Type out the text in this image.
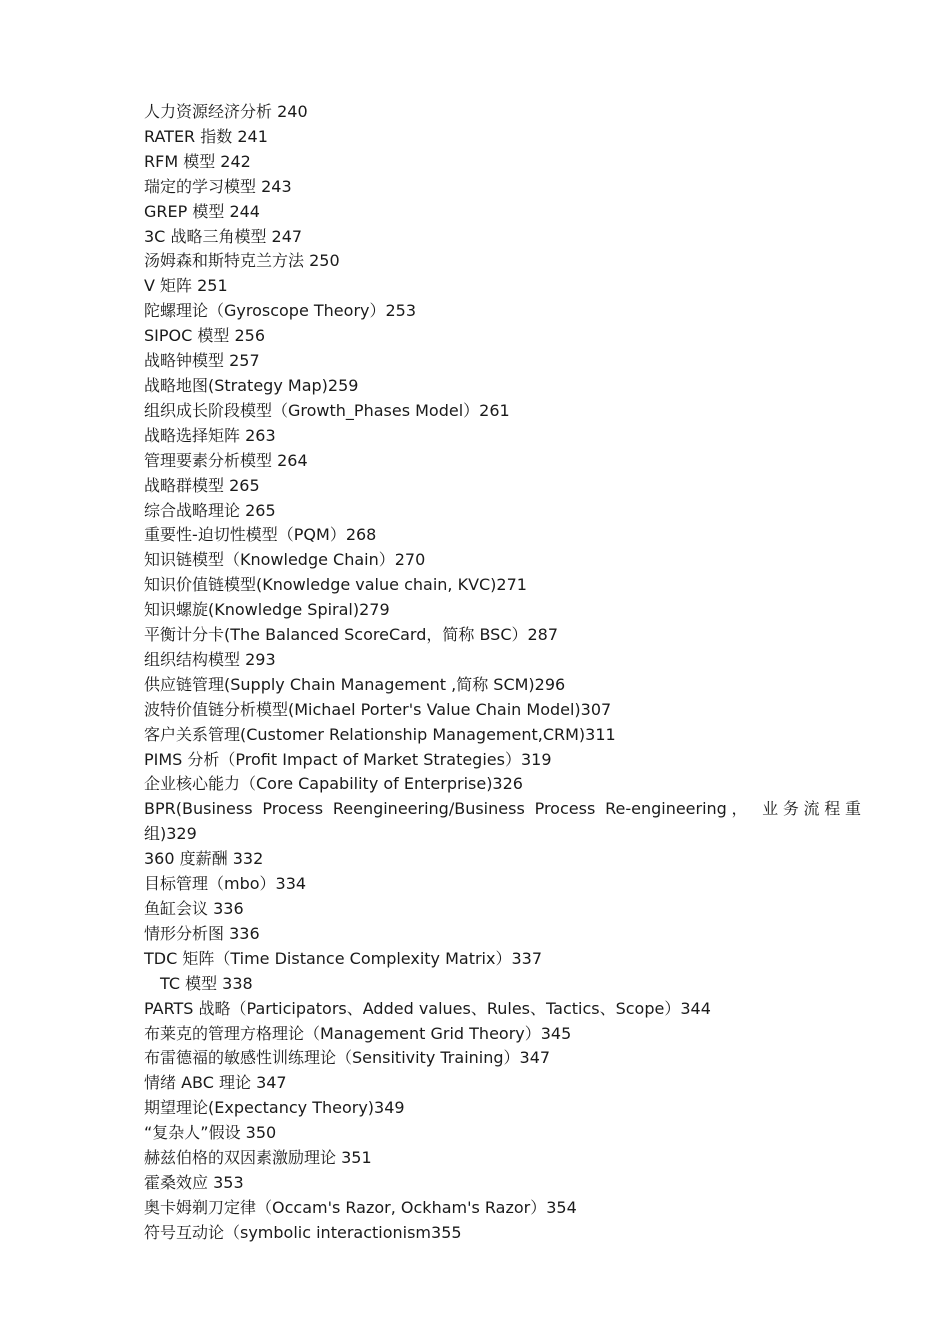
人力资源经济分析 240
RATER 指数 241
RFM 模型 242
瑞定的学习模型 243
GREP 模型 244
3C 战略三角模型 247
汤姆森和斯特克兰方法 250
V 矩阵 251
陀螺理论（Gyroscope Theory）253
SIPOC 模型 256
战略钟模型 257
战略地图(Strategy Map)259
组织成长阶段模型（Growth_Phases Model）261
战略选择矩阵 263
管理要素分析模型 264
战略群模型 265
综合战略理论 265
重要性-迫切性模型（PQM）268
知识链模型（Knowledge Chain）270
知识价值链模型(Knowledge value chain, KVC)271
知识螺旋(Knowledge Spiral)279
平衡计分卡(The Balanced ScoreCard，简称 BSC）287
组织结构模型 293
供应链管理(Supply Chain Management ,简称 SCM)296
波特价值链分析模型(Michael Porter's Value Chain Model)307
客户关系管理(Customer Relationship Management,CRM)311
PIMS 分析（Profit Impact of Market Strategies）319
企业核心能力（Core Capability of Enterprise)326
BPR(Business Process Reengineering/Business Process Re-engineering， 业务流程重组)329
360 度薪酬 332
目标管理（mbo）334
鱼缸会议 336
情形分析图 336
TDC 矩阵（Time Distance Complexity Matrix）337
TC 模型 338
PARTS 战略（Participators、Added values、Rules、Tactics、Scope）344
布莱克的管理方格理论（Management Grid Theory）345
布雷德福的敏感性训练理论（Sensitivity Training）347
情绪 ABC 理论 347
期望理论(Expectancy Theory)349
“复杂人”假设 350
赫兹伯格的双因素激励理论 351
霍桑效应 353
奥卡姆剃刀定律（Occam's Razor, Ockham's Razor）354
符号互动论（symbolic interactionism355
